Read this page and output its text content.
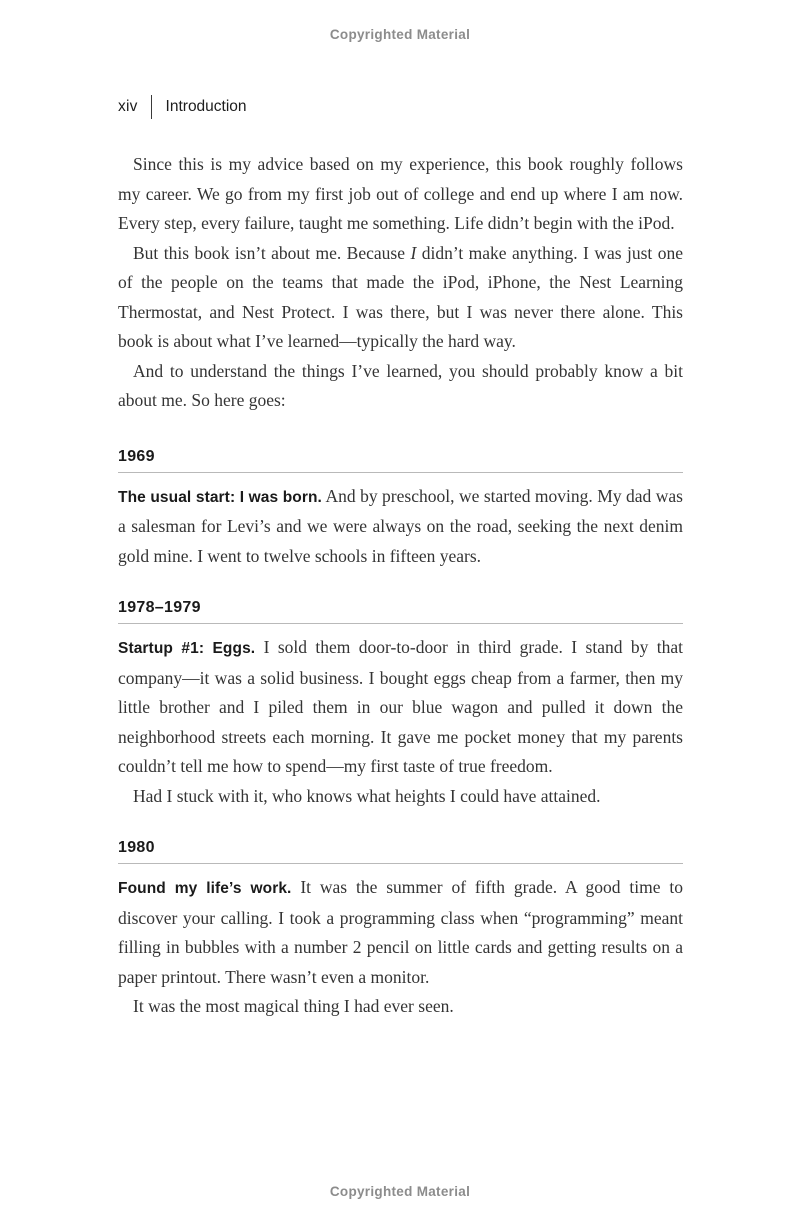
Copyrighted Material
xiv Introduction

Since this is my advice based on my experience, this book roughly follows my career. We go from my first job out of college and end up where I am now. Every step, every failure, taught me something. Life didn’t begin with the iPod.

But this book isn’t about me. Because I didn’t make anything. I was just one of the people on the teams that made the iPod, iPhone, the Nest Learning Thermostat, and Nest Protect. I was there, but I was never there alone. This book is about what I’ve learned—typically the hard way.

And to understand the things I’ve learned, you should probably know a bit about me. So here goes:

1969

The usual start: I was born. And by preschool, we started moving. My dad was a salesman for Levi’s and we were always on the road, seeking the next denim gold mine. I went to twelve schools in fifteen years.

1978–1979

Startup #1: Eggs. I sold them door-to-door in third grade. I stand by that company—it was a solid business. I bought eggs cheap from a farmer, then my little brother and I piled them in our blue wagon and pulled it down the neighborhood streets each morning. It gave me pocket money that my parents couldn’t tell me how to spend—my first taste of true freedom.

Had I stuck with it, who knows what heights I could have attained.

1980

Found my life’s work. It was the summer of fifth grade. A good time to discover your calling. I took a programming class when “programming” meant filling in bubbles with a number 2 pencil on little cards and getting results on a paper printout. There wasn’t even a monitor.

It was the most magical thing I had ever seen.

Copyrighted Material
